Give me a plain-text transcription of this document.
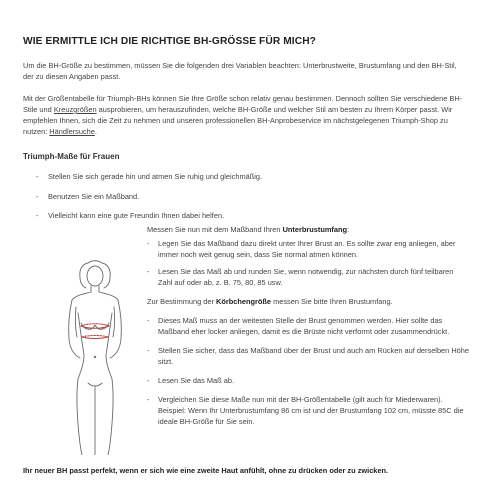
WIE ERMITTLE ICH DIE RICHTIGE BH-GRÖSSE FÜR MICH?

Um die BH-Größe zu bestimmen, müssen Sie die folgenden drei Variablen beachten: Unterbrustweite, Brustumfang und den BH-Stil, der zu diesen Angaben passt.

Mit der Größentabelle für Triumph-BHs können Sie Ihre Größe schon relativ genau bestimmen. Dennoch sollten Sie verschiedene BH-Stile und Kreuzgrößen ausprobieren, um herauszufinden, welche BH-Größe und welcher Stil am besten zu Ihrem Körper passt. Wir empfehlen Ihnen, sich die Zeit zu nehmen und unseren professionellen BH-Anprobeservice im nächstgelegenen Triumph-Shop zu nutzen: Händlersuche.

Triumph-Maße für Frauen
- Stellen Sie sich gerade hin und atmen Sie ruhig und gleichmäßig.
- Benutzen Sie ein Maßband.
- Vielleicht kann eine gute Freundin Ihnen dabei helfen.

Messen Sie nun mit dem Maßband Ihren Unterbrustumfang:

- Legen Sie das Maßband dazu direkt unter Ihrer Brust an. Es sollte zwar eng anliegen, aber immer noch weit genug sein, dass Sie normal atmen können.
- Lesen Sie das Maß ab und runden Sie, wenn notwendig, zur nächsten durch fünf teilbaren Zahl auf oder ab, z. B. 75, 80, 85 usw.

Zur Bestimmung der Körbchengröße messen Sie bitte Ihren Brustumfang.

- Dieses Maß muss an der weitesten Stelle der Brust genommen werden. Hier sollte das Maßband eher locker anliegen, damit es die Brüste nicht verformt oder zusammendrückt.
- Stellen Sie sicher, dass das Maßband über der Brust und auch am Rücken auf derselben Höhe sitzt.
- Lesen Sie das Maß ab.
- Vergleichen Sie diese Maße nun mit der BH-Größentabelle (gilt auch für Miederwaren).

Beispiel: Wenn Ihr Unterbrustumfang 86 cm ist und der Brustumfang 102 cm, müsste 85C die ideale BH-Größe für Sie sein.

Ihr neuer BH passt perfekt, wenn er sich wie eine zweite Haut anfühlt, ohne zu drücken oder zu zwicken.
